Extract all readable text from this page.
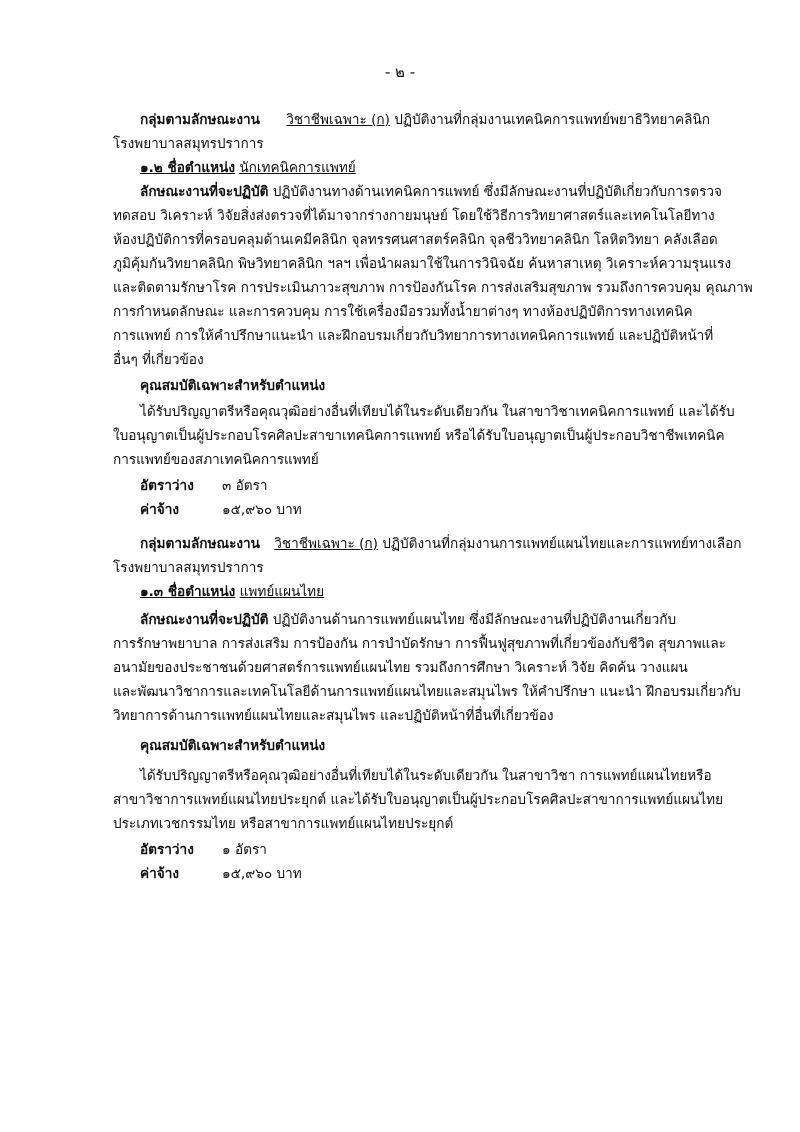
- ๒ -
กลุ่มตามลักษณะงาน วิชาชีพเฉพาะ (ก) ปฏิบัติงานที่กลุ่มงานเทคนิคการแพทย์พยาธิวิทยาคลินิก
โรงพยาบาลสมุทรปราการ
๑.๒ ชื่อตำแหน่ง นักเทคนิคการแพทย์
ลักษณะงานที่จะปฏิบัติ ปฏิบัติงานทางด้านเทคนิคการแพทย์ ซึ่งมีลักษณะงานที่ปฏิบัติเกี่ยวกับการตรวจ
ทดสอบ วิเคราะห์ วิจัยสิ่งส่งตรวจที่ได้มาจากร่างกายมนุษย์ โดยใช้วิธีการวิทยาศาสตร์และเทคโนโลยีทาง
ห้องปฏิบัติการที่ครอบคลุมด้านเคมีคลินิก จุลทรรศนศาสตร์คลินิก จุลชีววิทยาคลินิก โลหิตวิทยา คลังเลือด
ภูมิคุ้มกันวิทยาคลินิก พิษวิทยาคลินิก ฯลฯ เพื่อนำผลมาใช้ในการวินิจฉัย ค้นหาสาเหตุ วิเคราะห์ความรุนแรง
และติดตามรักษาโรค การประเมินภาวะสุขภาพ การป้องกันโรค การส่งเสริมสุขภาพ รวมถึงการควบคุม คุณภาพ
การกำหนดลักษณะ และการควบคุม การใช้เครื่องมือรวมทั้งน้ำยาต่างๆ ทางห้องปฏิบัติการทางเทคนิค
การแพทย์ การให้คำปรึกษาแนะนำ และฝึกอบรมเกี่ยวกับวิทยาการทางเทคนิคการแพทย์ และปฏิบัติหน้าที่
อื่นๆ ที่เกี่ยวข้อง
คุณสมบัติเฉพาะสำหรับตำแหน่ง
ได้รับปริญญาตรีหรือคุณวุฒิอย่างอื่นที่เทียบได้ในระดับเดียวกัน ในสาขาวิชาเทคนิคการแพทย์ และได้รับ
ใบอนุญาตเป็นผู้ประกอบโรคศิลปะสาขาเทคนิคการแพทย์ หรือได้รับใบอนุญาตเป็นผู้ประกอบวิชาชีพเทคนิค
การแพทย์ของสภาเทคนิคการแพทย์
อัตราว่าง ๓ อัตรา
ค่าจ้าง	๑๕,๙๖๐ บาท
กลุ่มตามลักษณะงาน วิชาชีพเฉพาะ (ก) ปฏิบัติงานที่กลุ่มงานการแพทย์แผนไทยและการแพทย์ทางเลือก
โรงพยาบาลสมุทรปราการ
๑.๓ ชื่อตำแหน่ง แพทย์แผนไทย
ลักษณะงานที่จะปฏิบัติ ปฏิบัติงานด้านการแพทย์แผนไทย ซึ่งมีลักษณะงานที่ปฏิบัติงานเกี่ยวกับ
การรักษาพยาบาล การส่งเสริม การป้องกัน การบำบัดรักษา การฟื้นฟูสุขภาพที่เกี่ยวข้องกับชีวิต สุขภาพและ
อนามัยของประชาชนด้วยศาสตร์การแพทย์แผนไทย รวมถึงการศึกษา วิเคราะห์ วิจัย คิดค้น วางแผน
และพัฒนาวิชาการและเทคโนโลยีด้านการแพทย์แผนไทยและสมุนไพร ให้คำปรึกษา แนะนำ ฝึกอบรมเกี่ยวกับ
วิทยาการด้านการแพทย์แผนไทยและสมุนไพร และปฏิบัติหน้าที่อื่นที่เกี่ยวข้อง
คุณสมบัติเฉพาะสำหรับตำแหน่ง
ได้รับปริญญาตรีหรือคุณวุฒิอย่างอื่นที่เทียบได้ในระดับเดียวกัน ในสาขาวิชา การแพทย์แผนไทยหรือ
สาขาวิชาการแพทย์แผนไทยประยุกต์ และได้รับใบอนุญาตเป็นผู้ประกอบโรคศิลปะสาขาการแพทย์แผนไทย
ประเภทเวชกรรมไทย หรือสาขาการแพทย์แผนไทยประยุกต์
อัตราว่าง ๑ อัตรา
ค่าจ้าง	๑๕,๙๖๐ บาท
